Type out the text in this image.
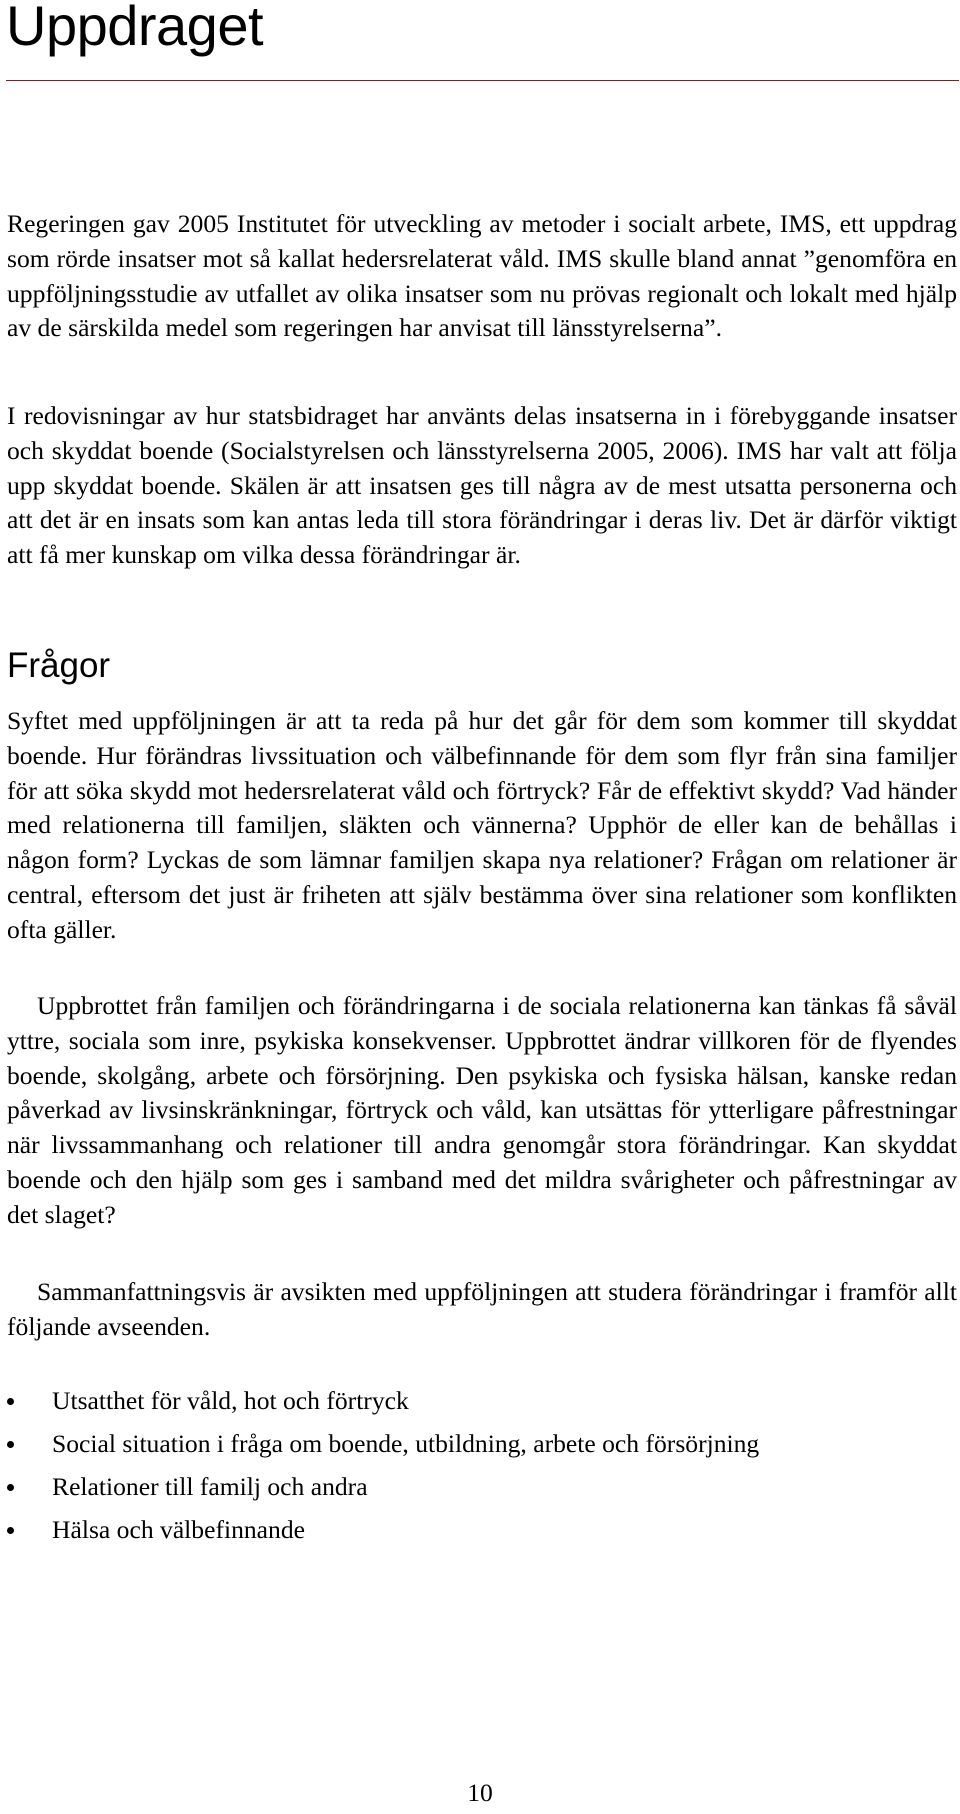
Uppdraget

Regeringen gav 2005 Institutet för utveckling av metoder i socialt arbete, IMS, ett uppdrag som rörde insatser mot så kallat hedersrelaterat våld. IMS skulle bland annat ”genomföra en uppföljningsstudie av utfallet av olika insatser som nu prövas regionalt och lokalt med hjälp av de särskilda medel som regeringen har anvisat till länsstyrelserna”.

I redovisningar av hur statsbidraget har använts delas insatserna in i förebyggande insatser och skyddat boende (Socialstyrelsen och länsstyrelserna 2005, 2006). IMS har valt att följa upp skyddat boende. Skälen är att insatsen ges till några av de mest utsatta personerna och att det är en insats som kan antas leda till stora förändringar i deras liv. Det är därför viktigt att få mer kunskap om vilka dessa förändringar är.

Frågor

Syftet med uppföljningen är att ta reda på hur det går för dem som kommer till skyddat boende. Hur förändras livssituation och välbefinnande för dem som flyr från sina familjer för att söka skydd mot hedersrelaterat våld och förtryck? Får de effektivt skydd? Vad händer med relationerna till familjen, släkten och vännerna? Upphör de eller kan de behållas i någon form? Lyckas de som lämnar familjen skapa nya relationer? Frågan om relationer är central, eftersom det just är friheten att själv bestämma över sina relationer som konflikten ofta gäller.

Uppbrottet från familjen och förändringarna i de sociala relationerna kan tänkas få såväl yttre, sociala som inre, psykiska konsekvenser. Uppbrottet ändrar villkoren för de flyendes boende, skolgång, arbete och försörjning. Den psykiska och fysiska hälsan, kanske redan påverkad av livsinskränkningar, förtryck och våld, kan utsättas för ytterligare påfrestningar när livssammanhang och relationer till andra genomgår stora förändringar. Kan skyddat boende och den hjälp som ges i samband med det mildra svårigheter och påfrestningar av det slaget?

Sammanfattningsvis är avsikten med uppföljningen att studera förändringar i framför allt följande avseenden.

Utsatthet för våld, hot och förtryck
Social situation i fråga om boende, utbildning, arbete och försörjning
Relationer till familj och andra
Hälsa och välbefinnande
10
